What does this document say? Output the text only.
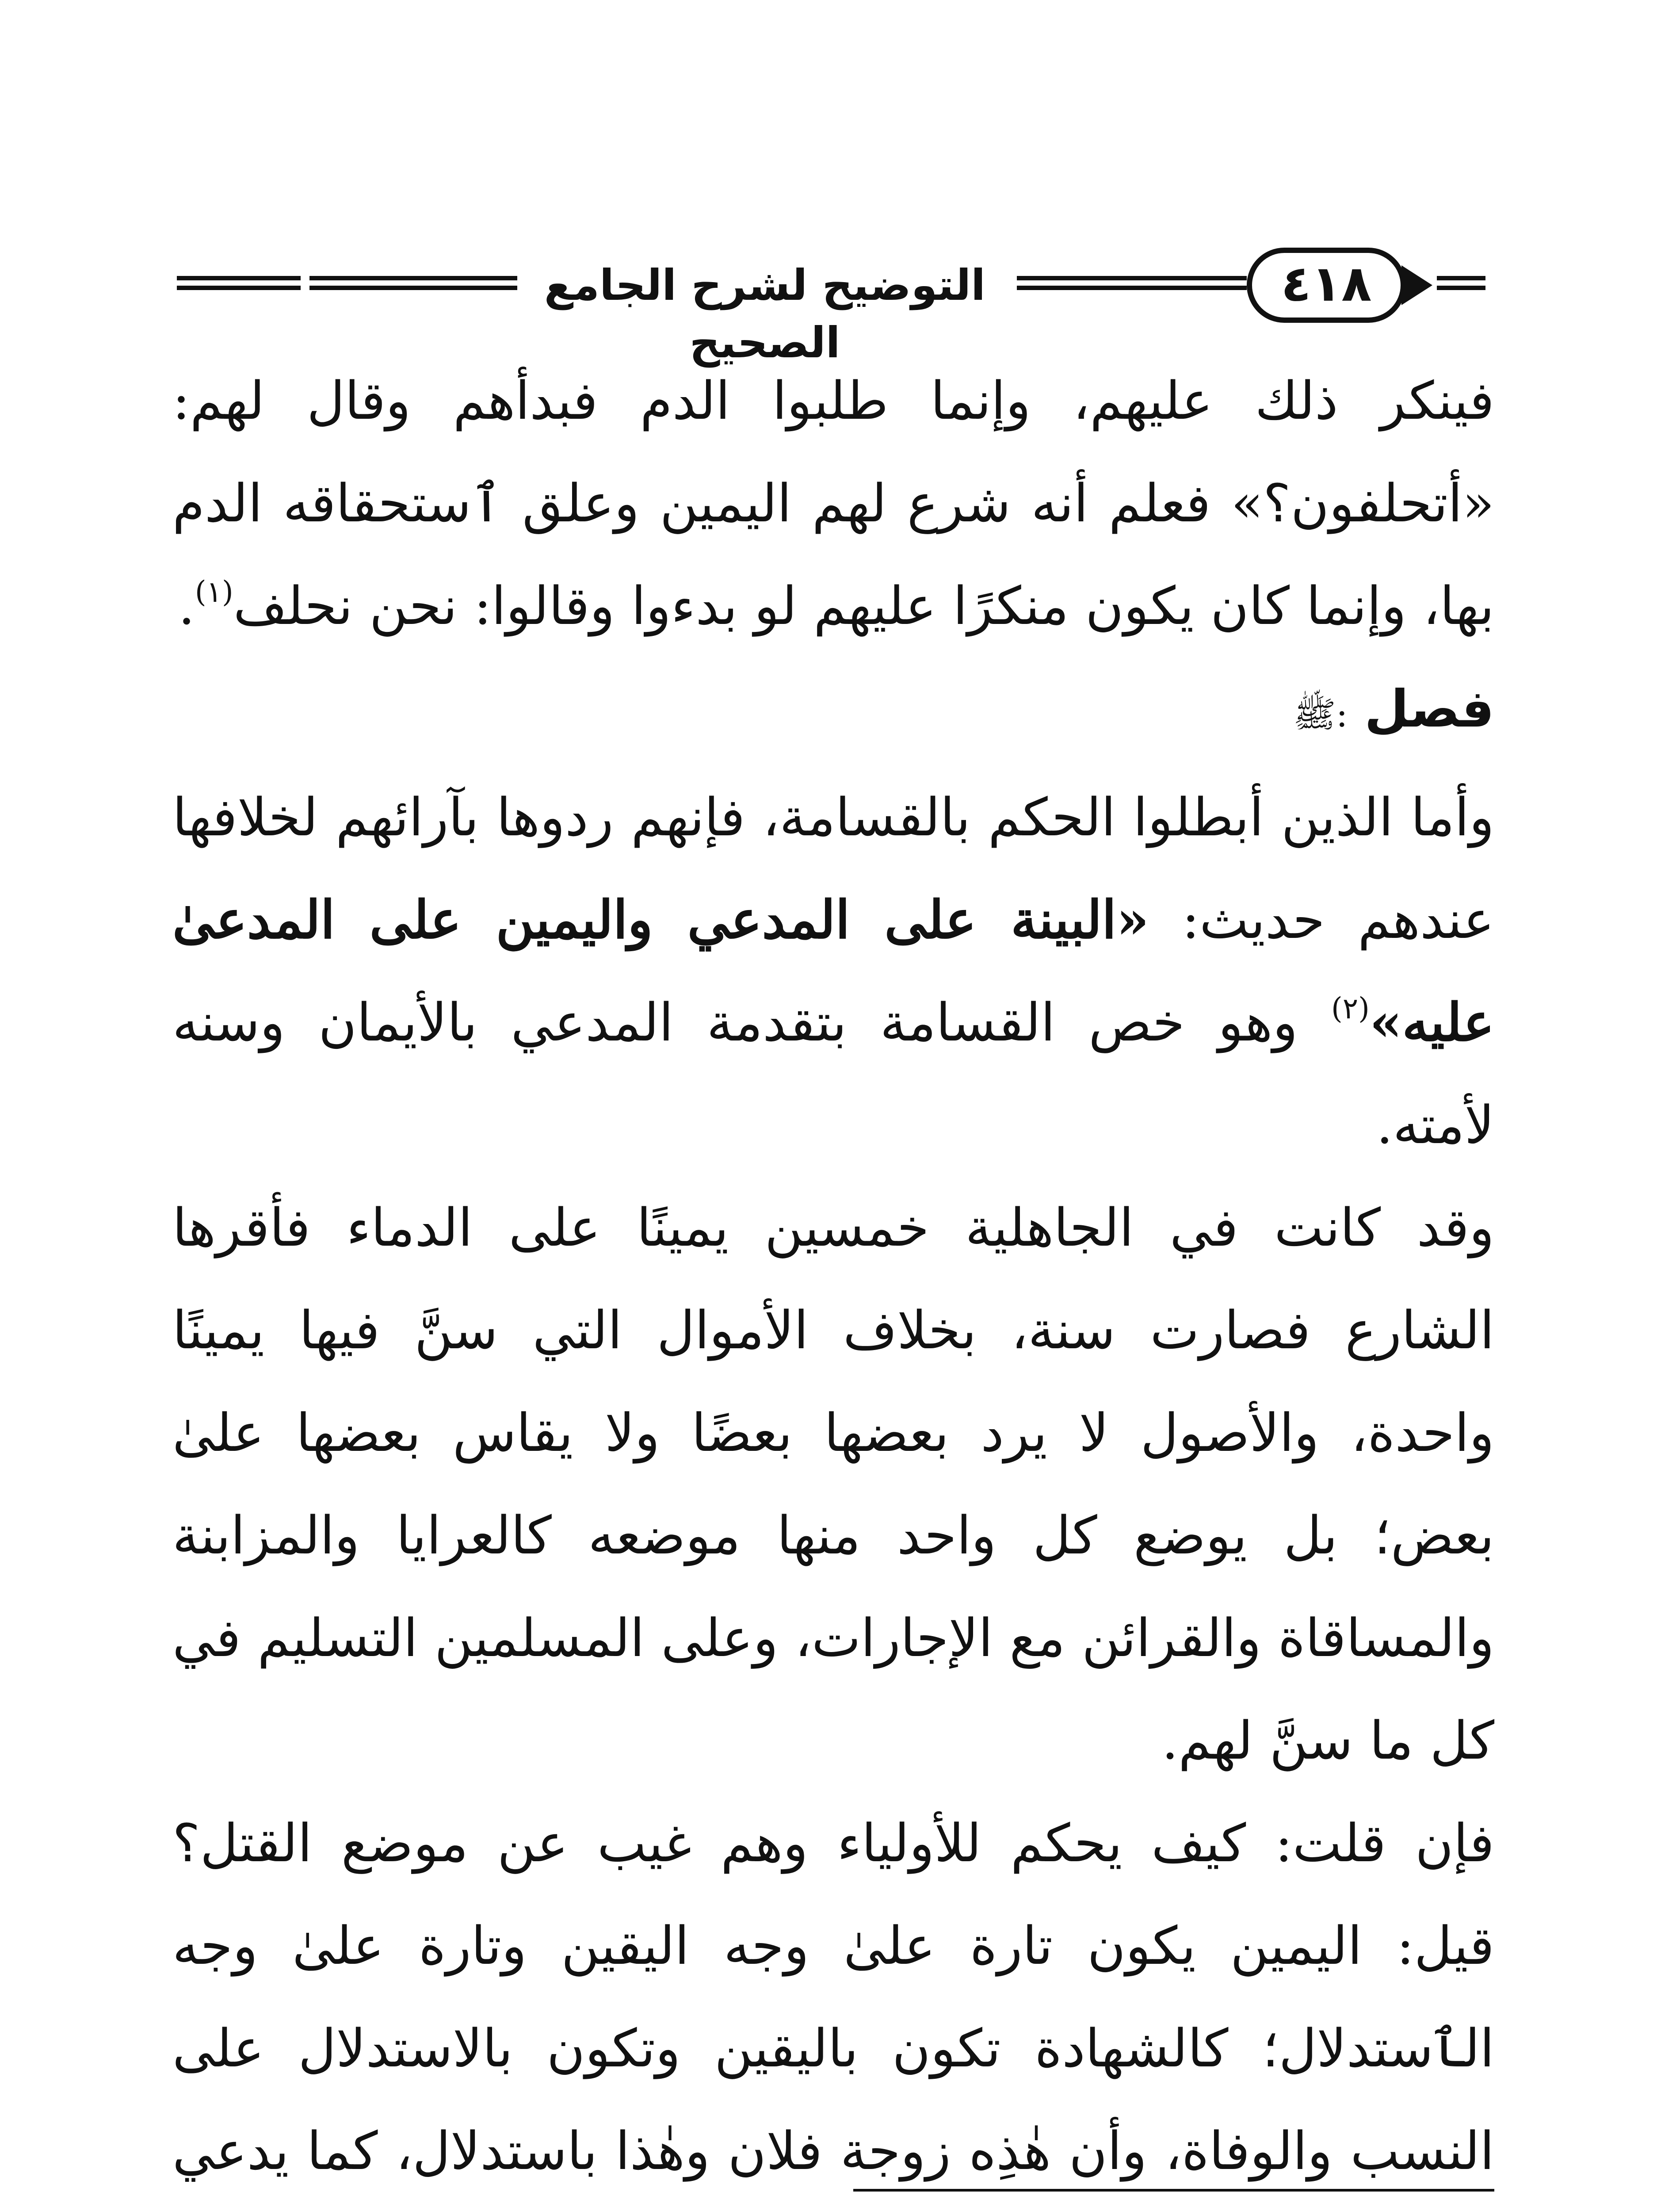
التوضيح لشرح الجامع الصحيح
٤١٨

فينكر ذلك عليهم، وإنما طلبوا الدم فبدأهم وقال لهم: «أتحلفون؟» فعلم أنه شرع لهم اليمين وعلق ٱستحقاقه الدم بها، وإنما كان يكون منكرًا عليهم لو بدءوا وقالوا: نحن نحلف$^{(١)}$.

فصل :ﷺ

وأما الذين أبطلوا الحكم بالقسامة، فإنهم ردوها بآرائهم لخلافها عندهم حديث: «البينة على المدعي واليمين على المدعىٰ عليه»$^{(٢)}$ وهو خص القسامة بتقدمة المدعي بالأيمان وسنه لأمته.

وقد كانت في الجاهلية خمسين يمينًا على الدماء فأقرها الشارع فصارت سنة، بخلاف الأموال التي سنَّ فيها يمينًا واحدة، والأصول لا يرد بعضها بعضًا ولا يقاس بعضها علىٰ بعض؛ بل يوضع كل واحد منها موضعه كالعرايا والمزابنة والمساقاة والقرائن مع الإجارات، وعلى المسلمين التسليم في كل ما سنَّ لهم.

فإن قلت: كيف يحكم للأولياء وهم غيب عن موضع القتل؟ قيل: اليمين يكون تارة علىٰ وجه اليقين وتارة علىٰ وجه الٱستدلال؛ كالشهادة تكون باليقين وتكون بالاستدلال على النسب والوفاة، وأن هٰذِه زوجة فلان وهٰذا باستدلال، كما يدعي
